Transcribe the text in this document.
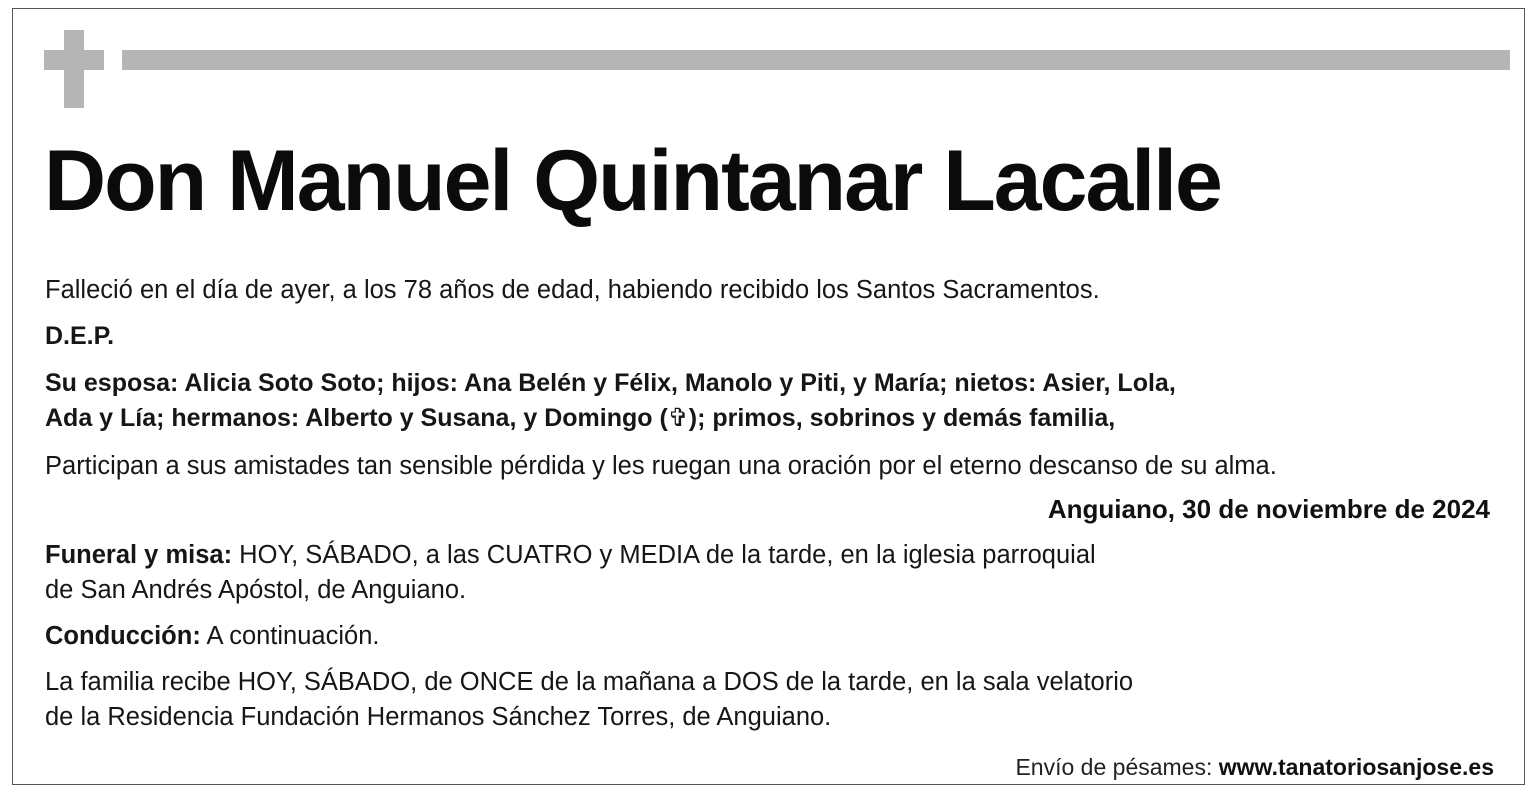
Don Manuel Quintanar Lacalle
Falleció en el día de ayer, a los 78 años de edad, habiendo recibido los Santos Sacramentos.
D.E.P.
Su esposa: Alicia Soto Soto; hijos: Ana Belén y Félix, Manolo y Piti, y María; nietos: Asier, Lola,
Ada y Lía; hermanos: Alberto y Susana, y Domingo (✞); primos, sobrinos y demás familia,
Participan a sus amistades tan sensible pérdida y les ruegan una oración por el eterno descanso de su alma.
Anguiano, 30 de noviembre de 2024
Funeral y misa: HOY, SÁBADO, a las CUATRO y MEDIA de la tarde, en la iglesia parroquial
de San Andrés Apóstol, de Anguiano.
Conducción: A continuación.
La familia recibe HOY, SÁBADO, de ONCE de la mañana a DOS de la tarde, en la sala velatorio
de la Residencia Fundación Hermanos Sánchez Torres, de Anguiano.
Envío de pésames: www.tanatoriosanjose.es
